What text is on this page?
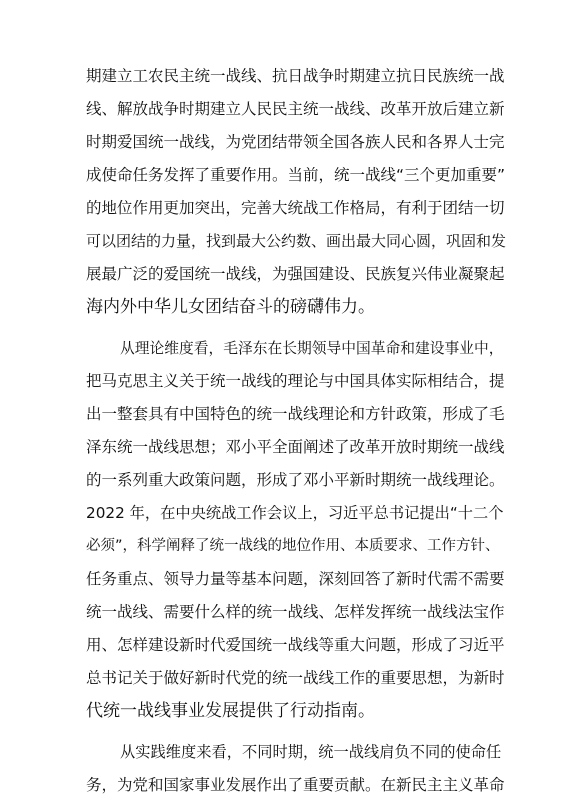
期建立工农民主统一战线、抗日战争时期建立抗日民族统一战
线、解放战争时期建立人民民主统一战线、改革开放后建立新
时期爱国统一战线，为党团结带领全国各族人民和各界人士完
成使命任务发挥了重要作用。当前，统一战线“三个更加重要”
的地位作用更加突出，完善大统战工作格局，有利于团结一切
可以团结的力量，找到最大公约数、画出最大同心圆，巩固和发
展最广泛的爱国统一战线，为强国建设、民族复兴伟业凝聚起
海内外中华儿女团结奋斗的磅礴伟力。
从理论维度看，毛泽东在长期领导中国革命和建设事业中，
把马克思主义关于统一战线的理论与中国具体实际相结合，提
出一整套具有中国特色的统一战线理论和方针政策，形成了毛
泽东统一战线思想；邓小平全面阐述了改革开放时期统一战线
的一系列重大政策问题，形成了邓小平新时期统一战线理论。
2022 年，在中央统战工作会议上，习近平总书记提出“十二个
必须”，科学阐释了统一战线的地位作用、本质要求、工作方针、
任务重点、领导力量等基本问题，深刻回答了新时代需不需要
统一战线、需要什么样的统一战线、怎样发挥统一战线法宝作
用、怎样建设新时代爱国统一战线等重大问题，形成了习近平
总书记关于做好新时代党的统一战线工作的重要思想，为新时
代统一战线事业发展提供了行动指南。
从实践维度来看，不同时期，统一战线肩负不同的使命任
务，为党和国家事业发展作出了重要贡献。在新民主主义革命
